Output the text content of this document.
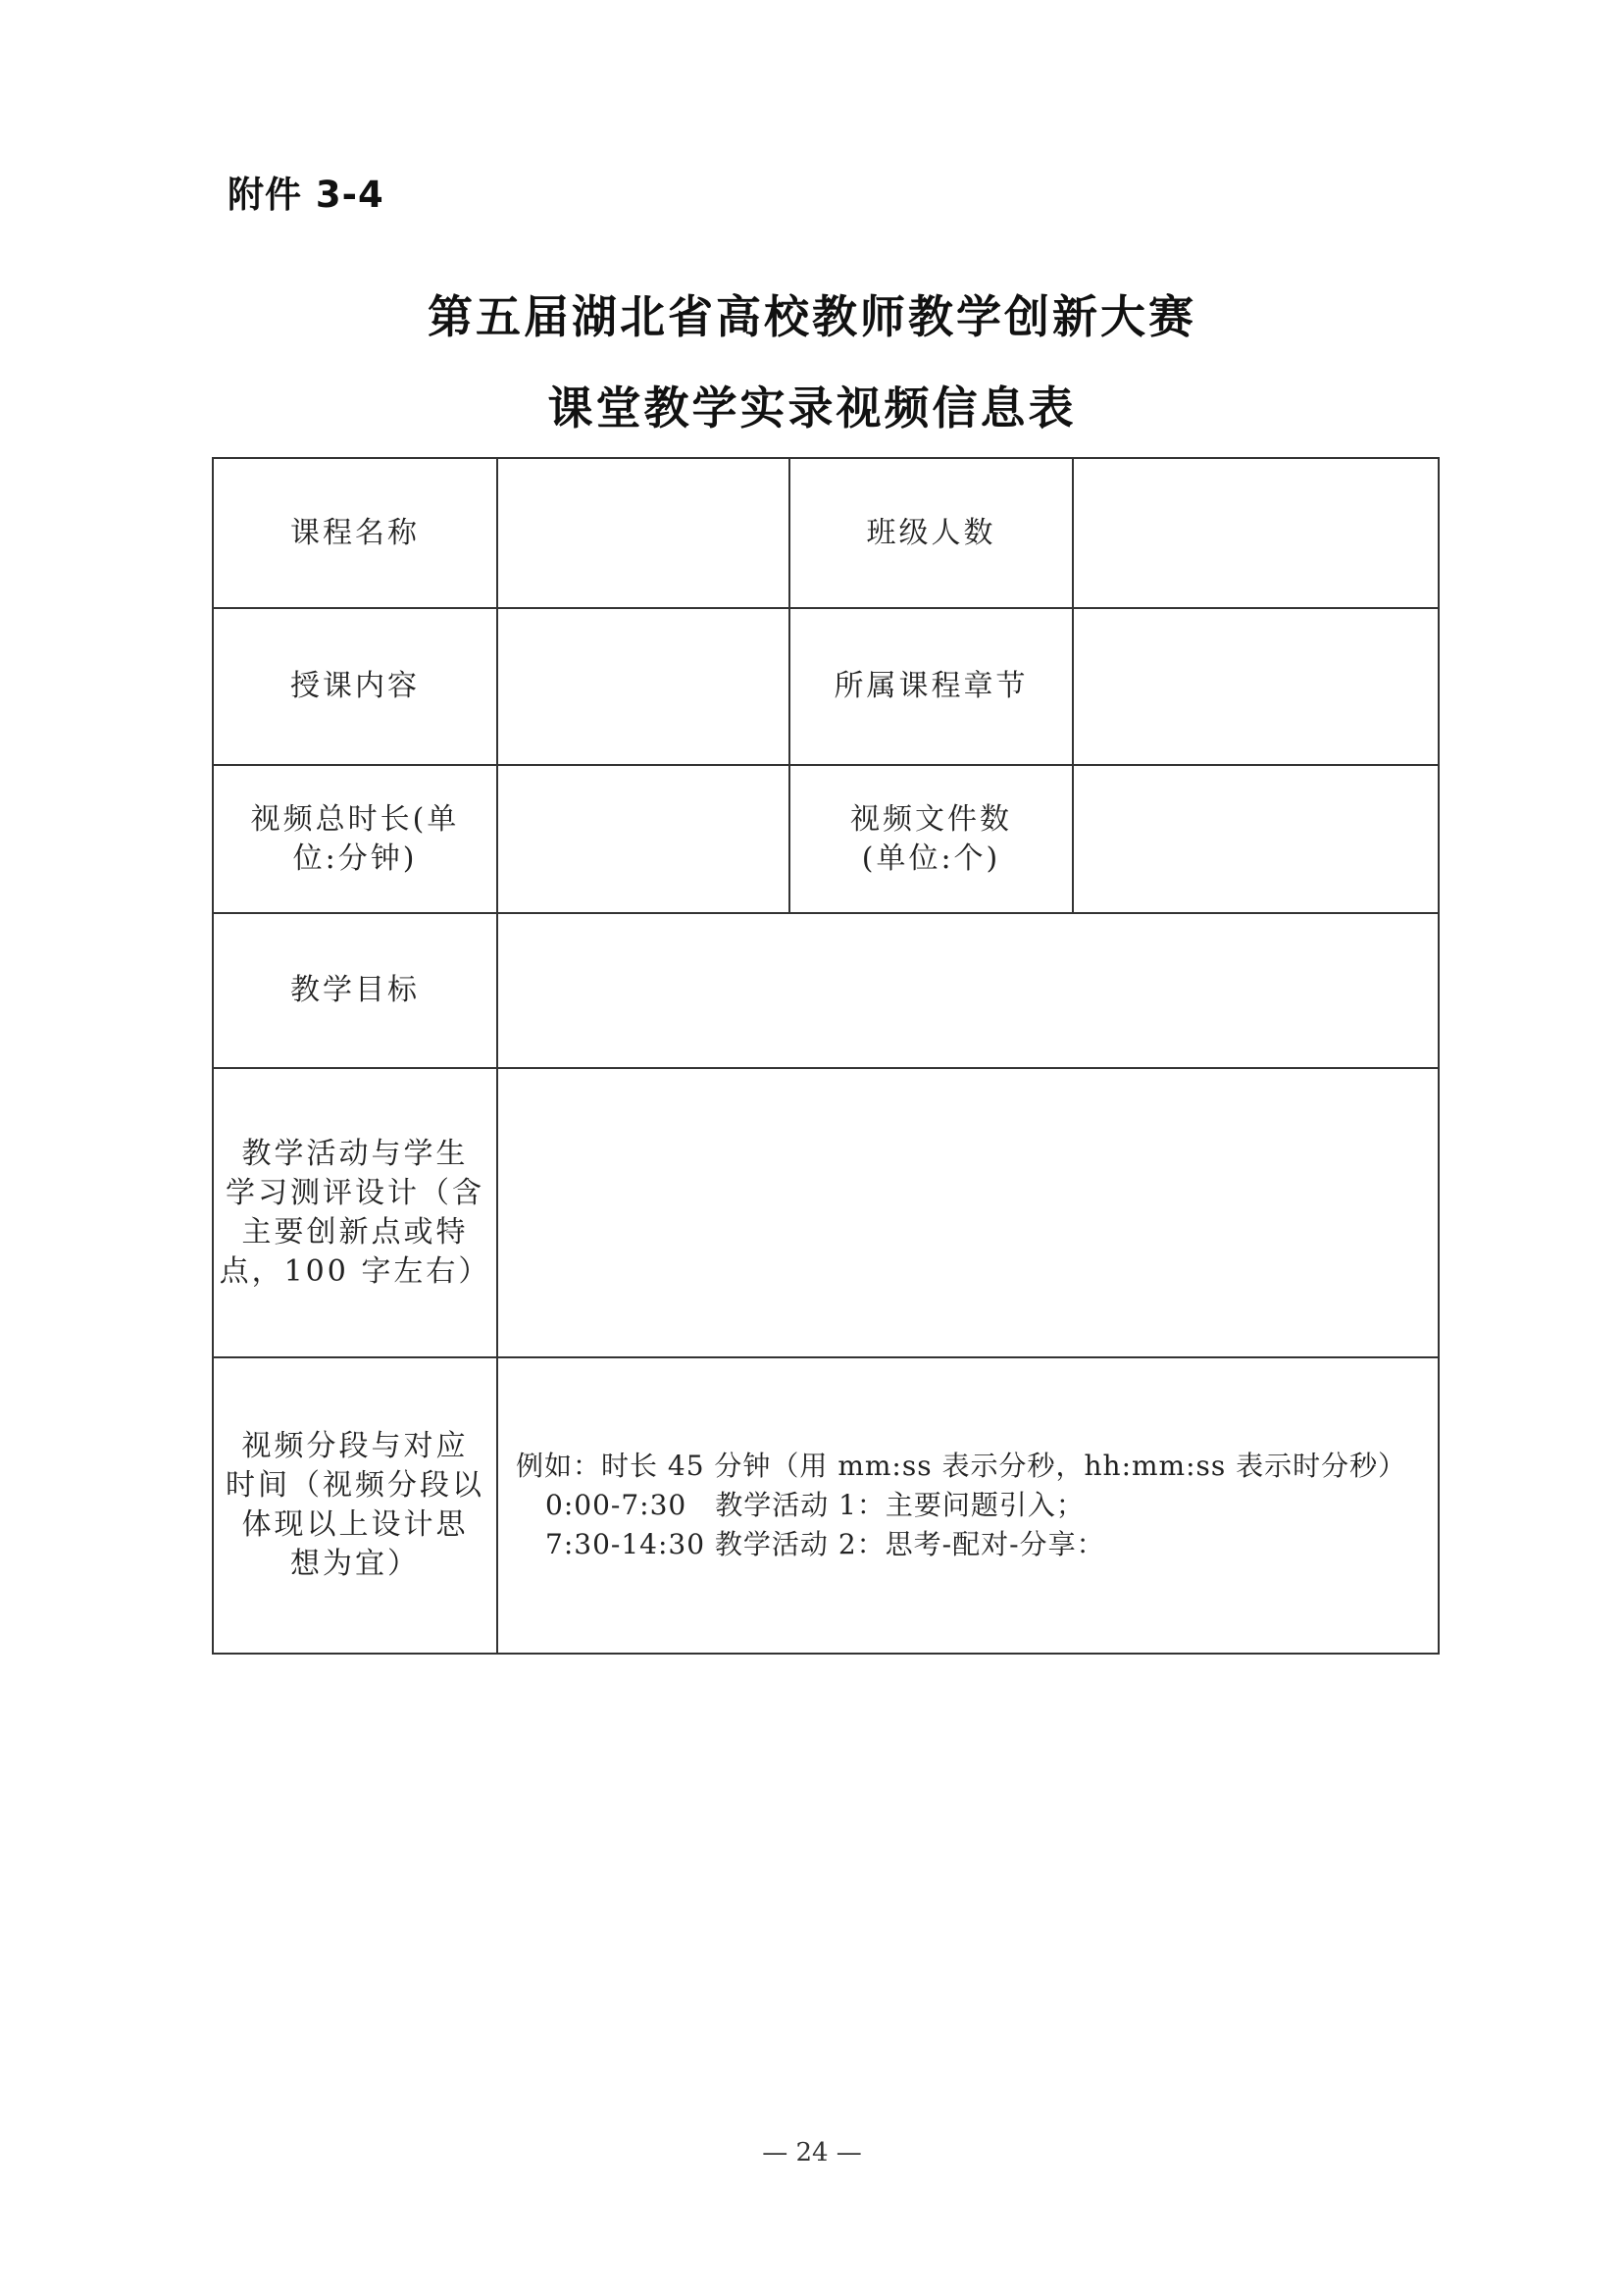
附件 3-4
第五届湖北省高校教师教学创新大赛
课堂教学实录视频信息表
课程名称		班级人数	

授课内容		所属课程章节	

视频总时长(单
位:分钟)		视频文件数
(单位:个)	

教学目标			

教学活动与学生
学习测评设计（含
主要创新点或特
点，100 字左右）			

视频分段与对应
时间（视频分段以
体现以上设计思
想为宜）	例如：时长 45 分钟（用 mm:ss 表示分秒，hh:mm:ss 表示时分秒）
0:00-7:30　教学活动 1：主要问题引入；
7:30-14:30 教学活动 2：思考-配对-分享：		
— 24 —
